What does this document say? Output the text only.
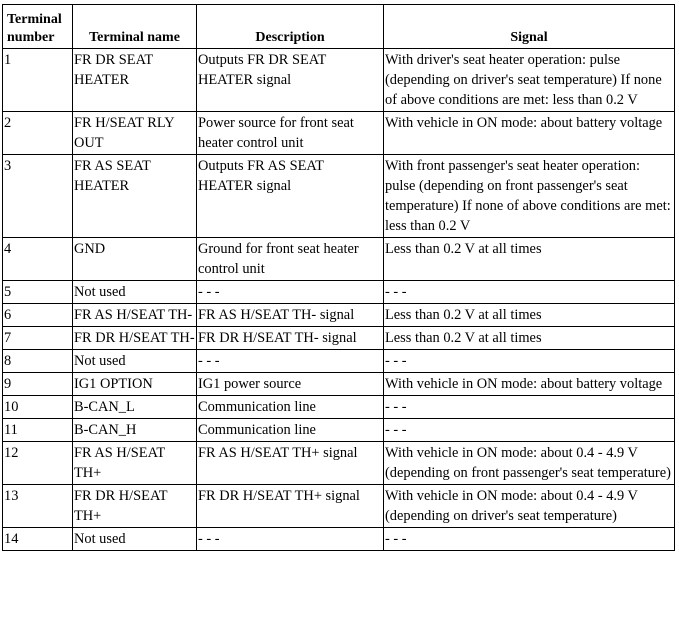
Terminal number	Terminal name	Description	Signal
1	FR DR SEAT HEATER	Outputs FR DR SEAT HEATER signal	With driver's seat heater operation: pulse (depending on driver's seat temperature) If none of above conditions are met: less than 0.2 V
2	FR H/SEAT RLY OUT	Power source for front seat heater control unit	With vehicle in ON mode: about battery voltage
3	FR AS SEAT HEATER	Outputs FR AS SEAT HEATER signal	With front passenger's seat heater operation: pulse (depending on front passenger's seat temperature) If none of above conditions are met: less than 0.2 V
4	GND	Ground for front seat heater control unit	Less than 0.2 V at all times
5	Not used	- - -	- - -
6	FR AS H/SEAT TH-	FR AS H/SEAT TH- signal	Less than 0.2 V at all times
7	FR DR H/SEAT TH-	FR DR H/SEAT TH- signal	Less than 0.2 V at all times
8	Not used	- - -	- - -
9	IG1 OPTION	IG1 power source	With vehicle in ON mode: about battery voltage
10	B-CAN_L	Communication line	- - -
11	B-CAN_H	Communication line	- - -
12	FR AS H/SEAT TH+	FR AS H/SEAT TH+ signal	With vehicle in ON mode: about 0.4 - 4.9 V (depending on front passenger's seat temperature)
13	FR DR H/SEAT TH+	FR DR H/SEAT TH+ signal	With vehicle in ON mode: about 0.4 - 4.9 V (depending on driver's seat temperature)
14	Not used	- - -	- - -
